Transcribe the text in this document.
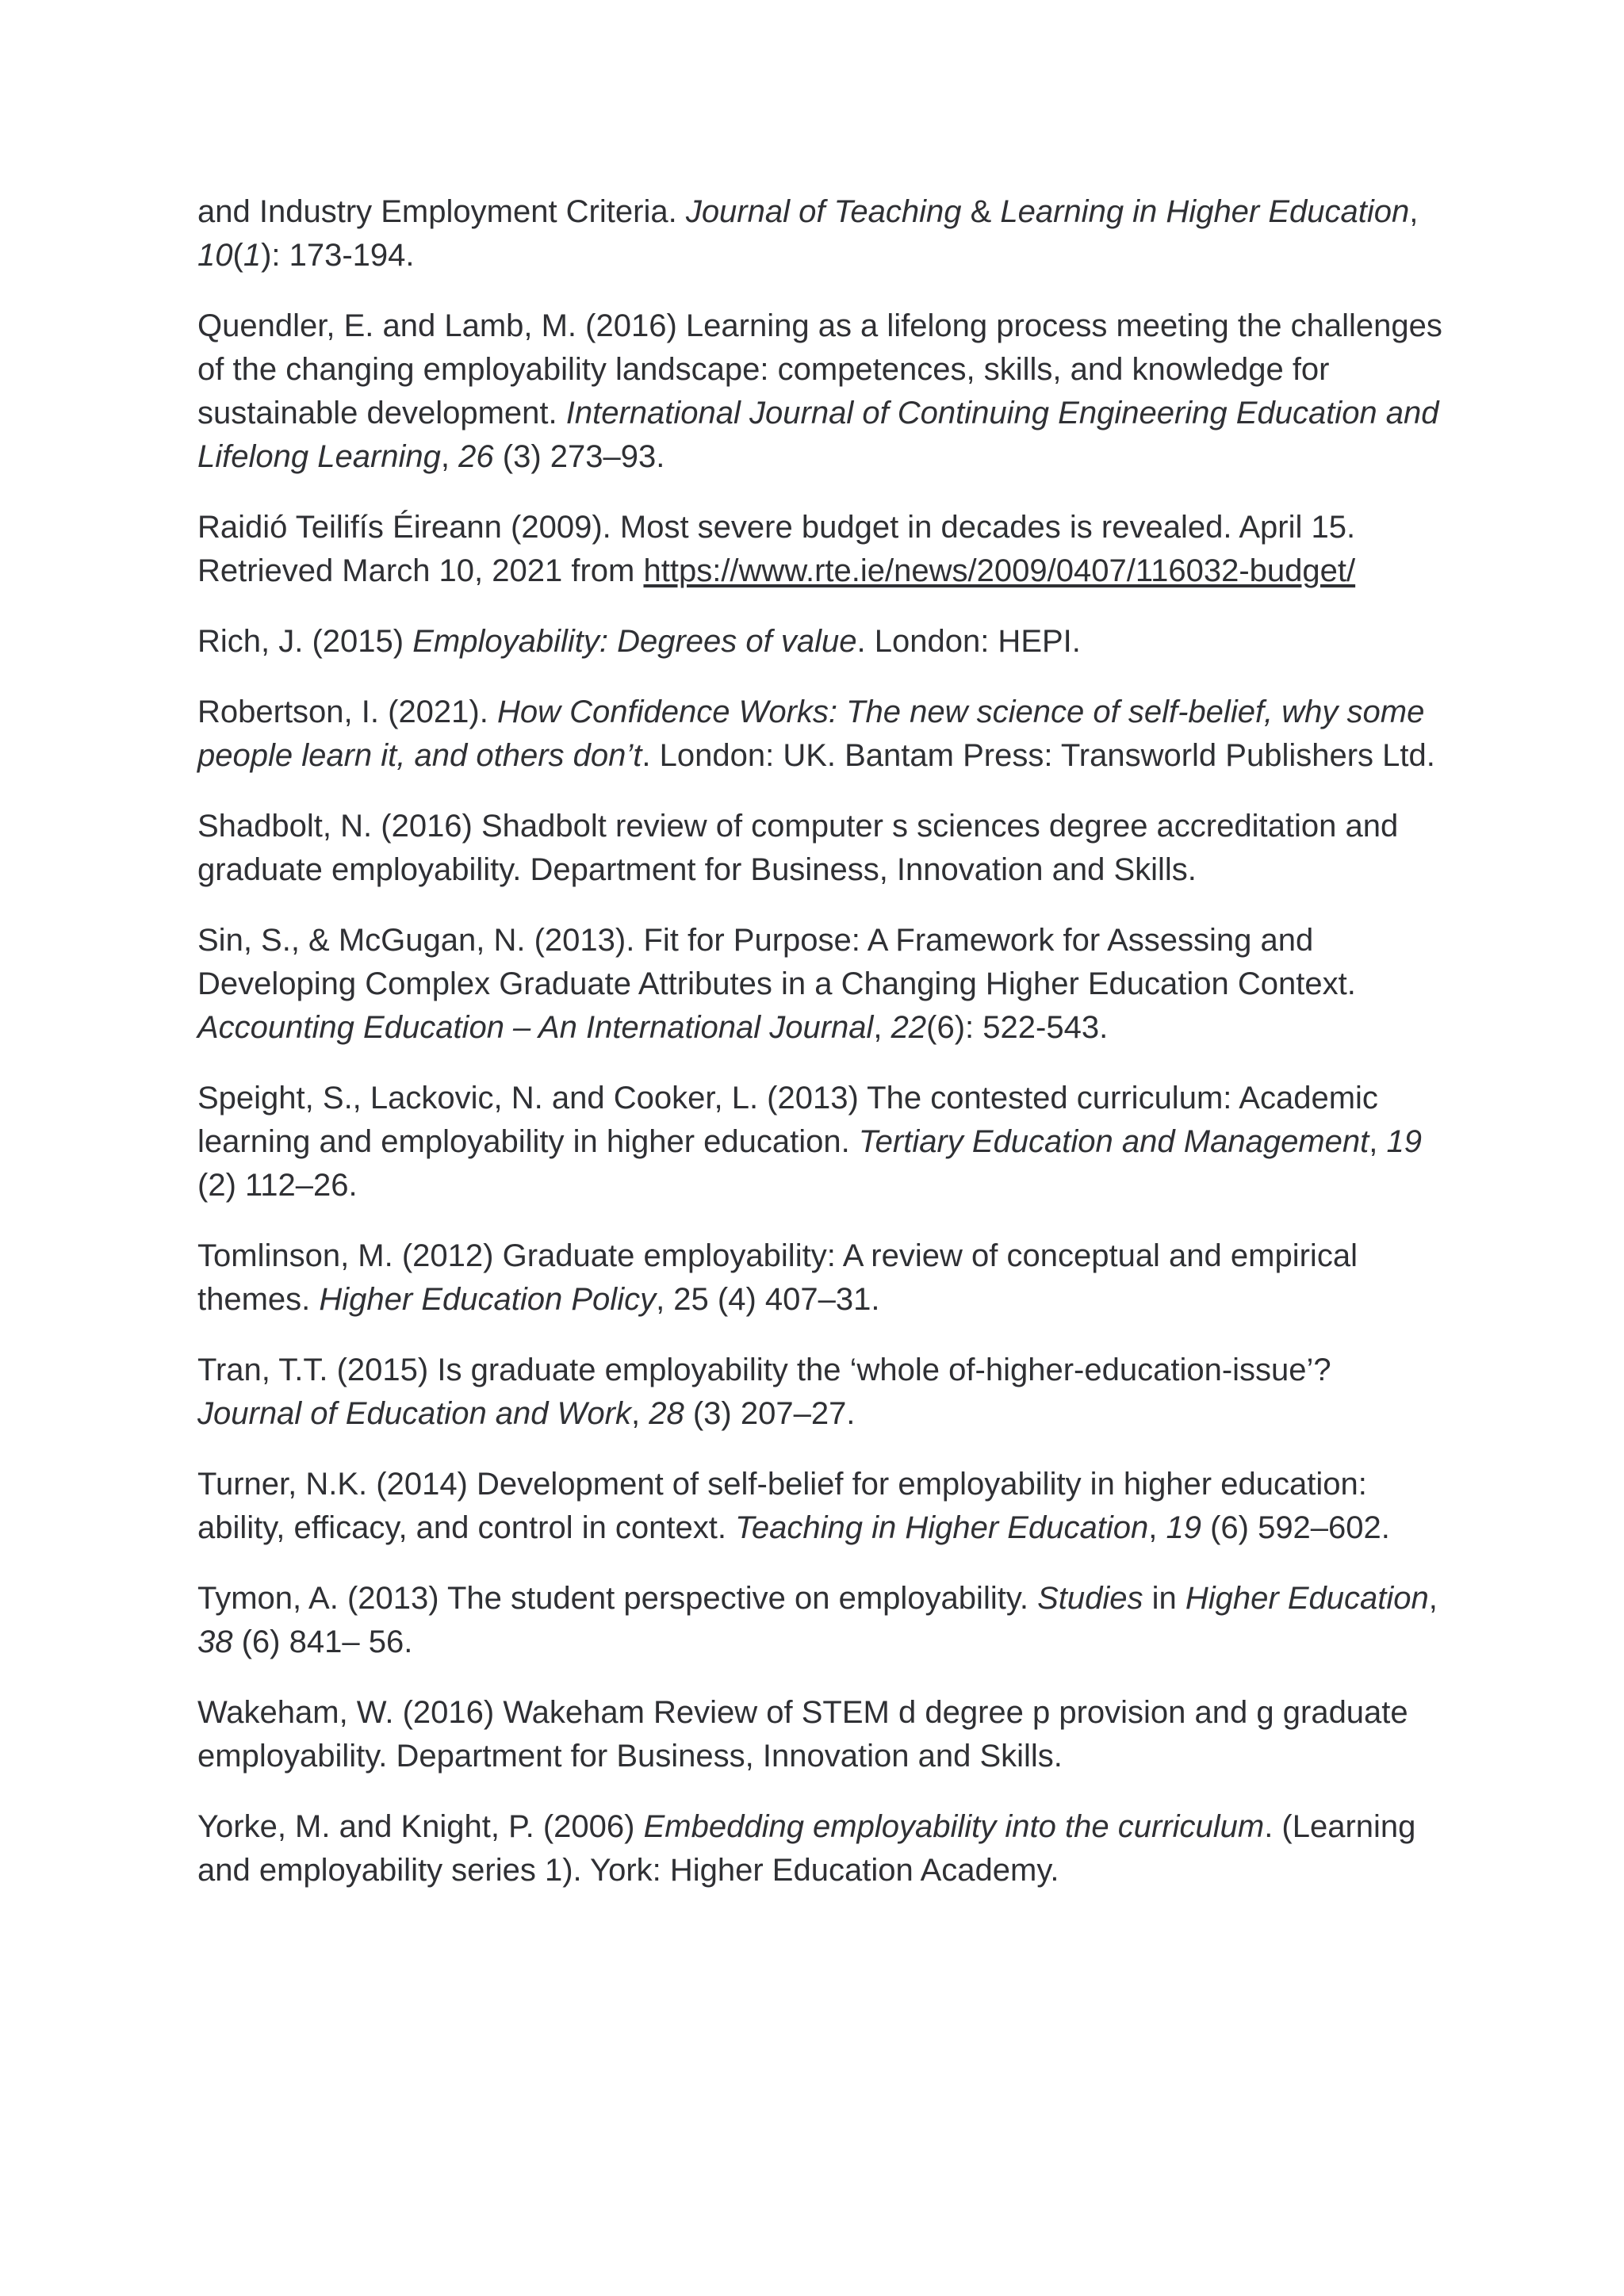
and Industry Employment Criteria. Journal of Teaching & Learning in Higher Education, 10(1): 173-194.

Quendler, E. and Lamb, M. (2016) Learning as a lifelong process meeting the challenges of the changing employability landscape: competences, skills, and knowledge for sustainable development. International Journal of Continuing Engineering Education and Lifelong Learning, 26 (3) 273–93.

Raidió Teilifís Éireann (2009). Most severe budget in decades is revealed. April 15. Retrieved March 10, 2021 from https://www.rte.ie/news/2009/0407/116032-budget/

Rich, J. (2015) Employability: Degrees of value. London: HEPI.

Robertson, I. (2021). How Confidence Works: The new science of self-belief, why some people learn it, and others don’t. London: UK. Bantam Press: Transworld Publishers Ltd.

Shadbolt, N. (2016) Shadbolt review of computer s sciences degree accreditation and graduate employability. Department for Business, Innovation and Skills.

Sin, S., & McGugan, N. (2013). Fit for Purpose: A Framework for Assessing and Developing Complex Graduate Attributes in a Changing Higher Education Context. Accounting Education – An International Journal, 22(6): 522-543.

Speight, S., Lackovic, N. and Cooker, L. (2013) The contested curriculum: Academic learning and employability in higher education. Tertiary Education and Management, 19 (2) 112–26.

Tomlinson, M. (2012) Graduate employability: A review of conceptual and empirical themes. Higher Education Policy, 25 (4) 407–31.

Tran, T.T. (2015) Is graduate employability the ‘whole of-higher-education-issue’? Journal of Education and Work, 28 (3) 207–27.

Turner, N.K. (2014) Development of self-belief for employability in higher education: ability, efficacy, and control in context. Teaching in Higher Education, 19 (6) 592–602.

Tymon, A. (2013) The student perspective on employability. Studies in Higher Education, 38 (6) 841– 56.

Wakeham, W. (2016) Wakeham Review of STEM d degree p provision and g graduate employability. Department for Business, Innovation and Skills.

Yorke, M. and Knight, P. (2006) Embedding employability into the curriculum. (Learning and employability series 1). York: Higher Education Academy.
